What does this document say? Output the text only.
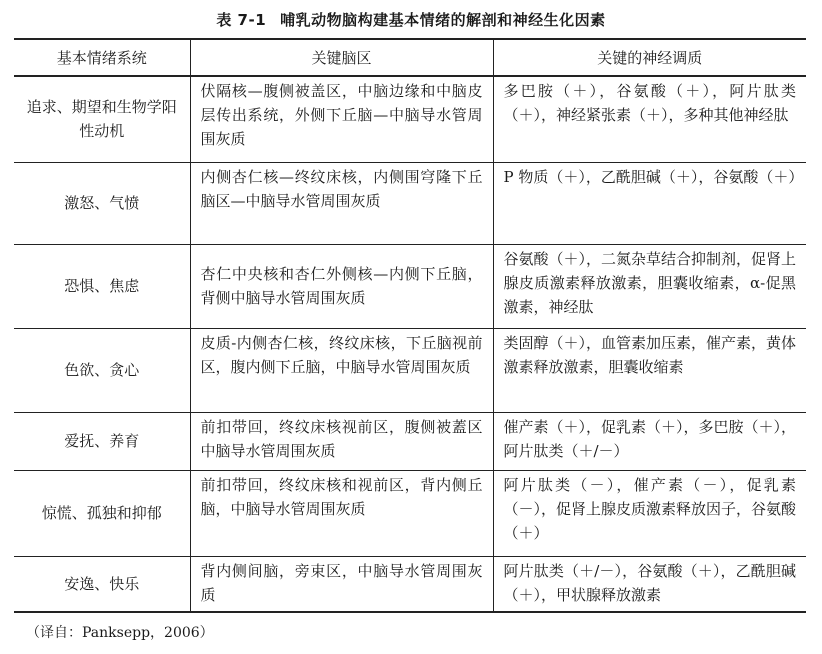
表 7-1 哺乳动物脑构建基本情绪的解剖和神经生化因素
基本情绪系统	关键脑区	关键的神经调质
追求、期望和生物学阳性动机	伏隔核—腹侧被盖区，中脑边缘和中脑皮层传出系统，外侧下丘脑—中脑导水管周围灰质	多巴胺（＋），谷氨酸（＋），阿片肽类（＋），神经紧张素（＋），多种其他神经肽
激怒、气愤	内侧杏仁核—终纹床核，内侧围穹隆下丘脑区—中脑导水管周围灰质	P 物质（＋），乙酰胆碱（＋），谷氨酸（＋）
恐惧、焦虑	杏仁中央核和杏仁外侧核—内侧下丘脑，背侧中脑导水管周围灰质	谷氨酸（＋），二氮杂草结合抑制剂，促肾上腺皮质激素释放激素，胆囊收缩素，α-促黑激素，神经肽
色欲、贪心	皮质-内侧杏仁核，终纹床核，下丘脑视前区，腹内侧下丘脑，中脑导水管周围灰质	类固醇（＋），血管素加压素，催产素，黄体激素释放激素，胆囊收缩素
爱抚、养育	前扣带回，终纹床核视前区，腹侧被蓋区中脑导水管周围灰质	催产素（＋），促乳素（＋），多巴胺（＋），阿片肽类（＋/－）
惊慌、孤独和抑郁	前扣带回，终纹床核和视前区，背内侧丘脑，中脑导水管周围灰质	阿片肽类（－），催产素（－），促乳素（－），促肾上腺皮质激素释放因子，谷氨酸（＋）
安逸、快乐	背内侧间脑，旁束区，中脑导水管周围灰质	阿片肽类（＋/－），谷氨酸（＋），乙酰胆碱（＋），甲状腺释放激素
（译自：Panksepp，2006）
